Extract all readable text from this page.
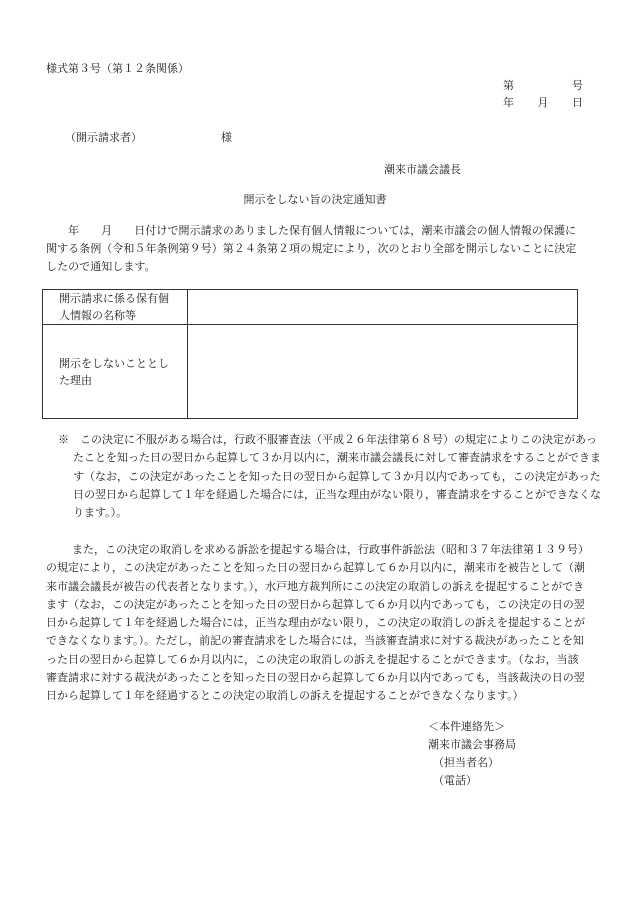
様式第３号（第１２条関係）
第	号
年 月 日
（開示請求者）	様
潮来市議会議長
開示をしない旨の決定通知書
年　　月　　日付けで開示請求のありました保有個人情報については，潮来市議会の個人情報の保護に関する条例（令和５年条例第９号）第２４条第２項の規定により，次のとおり全部を開示しないことに決定したので通知します。
開示請求に係る保有個人情報の名称等	

開示をしないこととした理由	

※　この決定に不服がある場合は，行政不服審査法（平成２６年法律第６８号）の規定によりこの決定があったことを知った日の翌日から起算して３か月以内に，潮来市議会議長に対して審査請求をすることができます（なお，この決定があったことを知った日の翌日から起算して３か月以内であっても，この決定があった日の翌日から起算して１年を経過した場合には，正当な理由がない限り，審査請求をすることができなくなります。）。
また，この決定の取消しを求める訴訟を提起する場合は，行政事件訴訟法（昭和３７年法律第１３９号）の規定により，この決定があったことを知った日の翌日から起算して６か月以内に，潮来市を被告として（潮来市議会議長が被告の代表者となります。），水戸地方裁判所にこの決定の取消しの訴えを提起することができます（なお，この決定があったことを知った日の翌日から起算して６か月以内であっても，この決定の日の翌日から起算して１年を経過した場合には，正当な理由がない限り，この決定の取消しの訴えを提起することができなくなります。）。ただし，前記の審査請求をした場合には，当該審査請求に対する裁決があったことを知った日の翌日から起算して６か月以内に，この決定の取消しの訴えを提起することができます。（なお，当該審査請求に対する裁決があったことを知った日の翌日から起算して６か月以内であっても，当該裁決の日の翌日から起算して１年を経過するとこの決定の取消しの訴えを提起することができなくなります。）
＜本件連絡先＞
潮来市議会事務局
（担当者名）
（電話）
